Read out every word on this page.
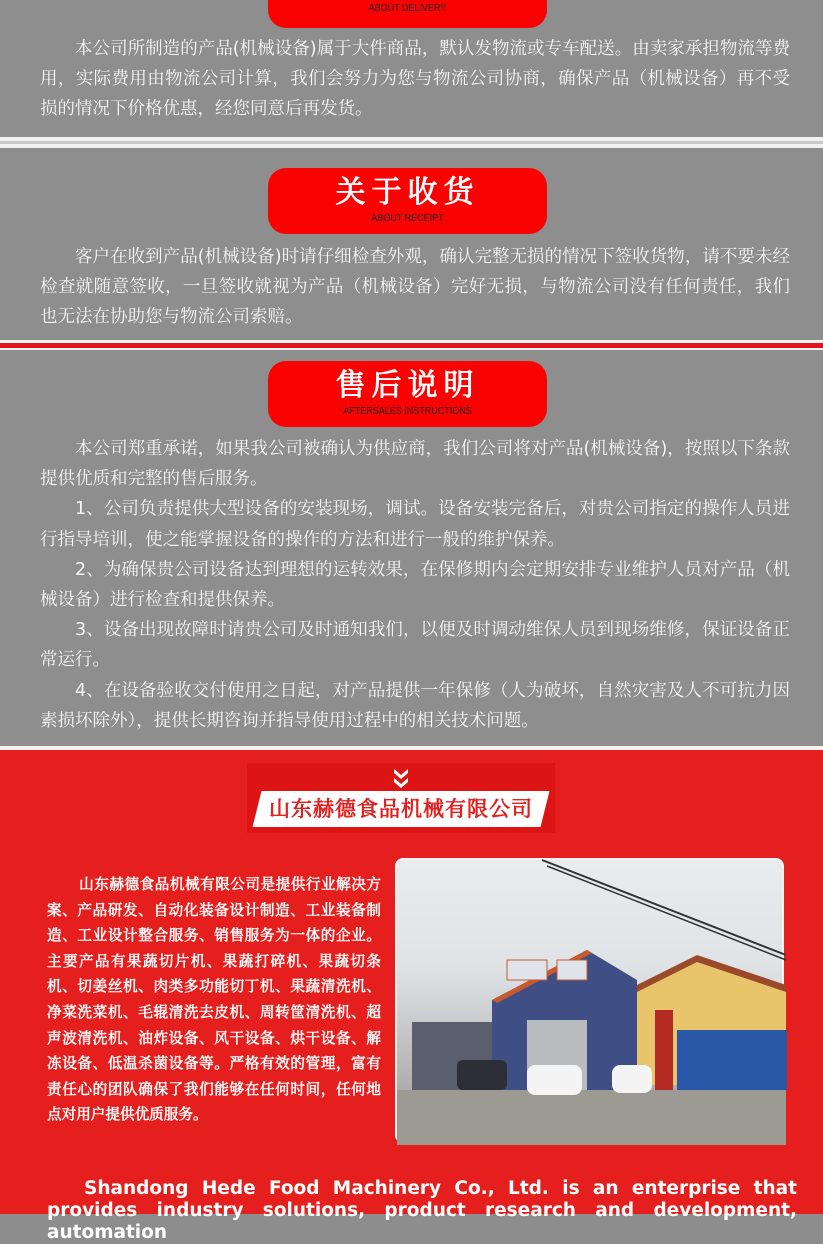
ABOUT DELIVERY

本公司所制造的产品(机械设备)属于大件商品，默认发物流或专车配送。由卖家承担物流等费用，实际费用由物流公司计算，我们会努力为您与物流公司协商，确保产品（机械设备）再不受损的情况下价格优惠，经您同意后再发货。

关于收货
ABOUT RECEIPT

客户在收到产品(机械设备)时请仔细检查外观，确认完整无损的情况下签收货物，请不要未经检查就随意签收，一旦签收就视为产品（机械设备）完好无损，与物流公司没有任何责任，我们也无法在协助您与物流公司索赔。

售后说明
AFTERSALES INSTRUCTIONS

本公司郑重承诺，如果我公司被确认为供应商，我们公司将对产品(机械设备)，按照以下条款提供优质和完整的售后服务。

1、公司负责提供大型设备的安装现场，调试。设备安装完备后，对贵公司指定的操作人员进行指导培训，使之能掌握设备的操作的方法和进行一般的维护保养。

2、为确保贵公司设备达到理想的运转效果，在保修期内会定期安排专业维护人员对产品（机械设备）进行检查和提供保养。

3、设备出现故障时请贵公司及时通知我们，以便及时调动维保人员到现场维修，保证设备正常运行。

4、在设备验收交付使用之日起，对产品提供一年保修（人为破坏，自然灾害及人不可抗力因素损坏除外），提供长期咨询并指导使用过程中的相关技术问题。

山东赫德食品机械有限公司

山东赫德食品机械有限公司是提供行业解决方案、产品研发、自动化装备设计制造、工业装备制造、工业设计整合服务、销售服务为一体的企业。主要产品有果蔬切片机、果蔬打碎机、果蔬切条机、切姜丝机、肉类多功能切丁机、果蔬清洗机、净菜洗菜机、毛辊清洗去皮机、周转筐清洗机、超声波清洗机、油炸设备、风干设备、烘干设备、解冻设备、低温杀菌设备等。严格有效的管理，富有责任心的团队确保了我们能够在任何时间，任何地点对用户提供优质服务。

Shandong Hede Food Machinery Co., Ltd. is an enterprise that provides industry solutions, product research and development, automation
